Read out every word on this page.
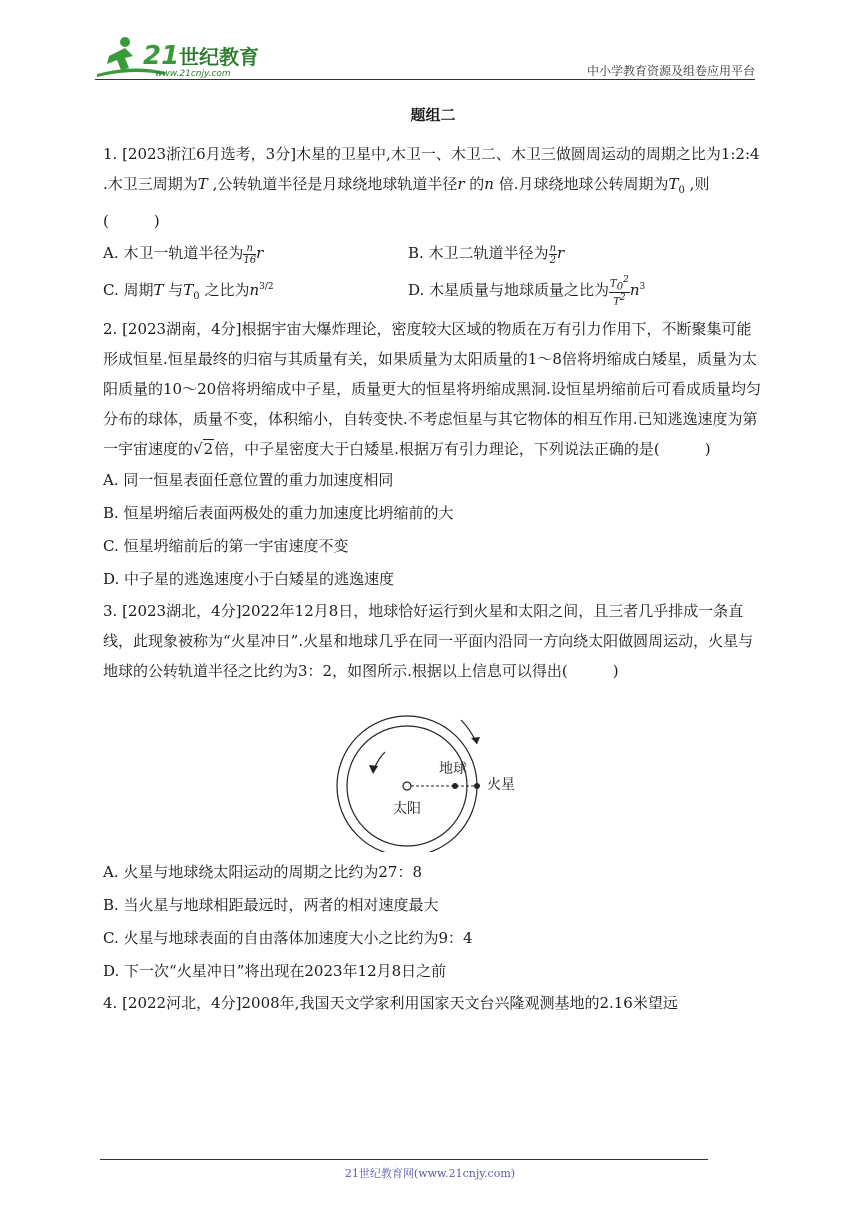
21 世纪教育
www.21cnjy.com	中小学教育资源及组卷应用平台
题组二

1. [2023浙江6月选考，3分]木星的卫星中,木卫一、木卫二、木卫三做圆周运动的周期之比为1:2:4 .木卫三周期为T ,公转轨道半径是月球绕地球轨道半径r 的n 倍.月球绕地球公转周期为$T_0$ ,则(　　　)

A. 木卫一轨道半径为 $\frac{n}{16}$ r	B. 木卫二轨道半径为 $\frac{n}{2}$ r
C. 周期T 与$T_0$ 之比为$n^{3/2}$	D. 木星质量与地球质量之比为 $\frac{T_0^2}{T^2} n^3$

2. [2023湖南，4分]根据宇宙大爆炸理论，密度较大区域的物质在万有引力作用下，不断聚集可能形成恒星.恒星最终的归宿与其质量有关，如果质量为太阳质量的1～8倍将坍缩成白矮星，质量为太阳质量的10～20倍将坍缩成中子星，质量更大的恒星将坍缩成黑洞.设恒星坍缩前后可看成质量均匀分布的球体，质量不变，体积缩小，自转变快.不考虑恒星与其它物体的相互作用.已知逃逸速度为第一宇宙速度的√2倍，中子星密度大于白矮星.根据万有引力理论，下列说法正确的是(　　　)

A. 同一恒星表面任意位置的重力加速度相同
B. 恒星坍缩后表面两极处的重力加速度比坍缩前的大
C. 恒星坍缩前后的第一宇宙速度不变
D. 中子星的逃逸速度小于白矮星的逃逸速度

3. [2023湖北，4分]2022年12月8日，地球恰好运行到火星和太阳之间，且三者几乎排成一条直线，此现象被称为“火星冲日”.火星和地球几乎在同一平面内沿同一方向绕太阳做圆周运动，火星与地球的公转轨道半径之比约为3：2，如图所示.根据以上信息可以得出(　　　)

太阳
地球
火星
A. 火星与地球绕太阳运动的周期之比约为27：8
B. 当火星与地球相距最远时，两者的相对速度最大
C. 火星与地球表面的自由落体加速度大小之比约为9：4
D. 下一次“火星冲日”将出现在2023年12月8日之前

4. [2022河北，4分]2008年,我国天文学家利用国家天文台兴隆观测基地的2.16米望远

21世纪教育网(www.21cnjy.com)
